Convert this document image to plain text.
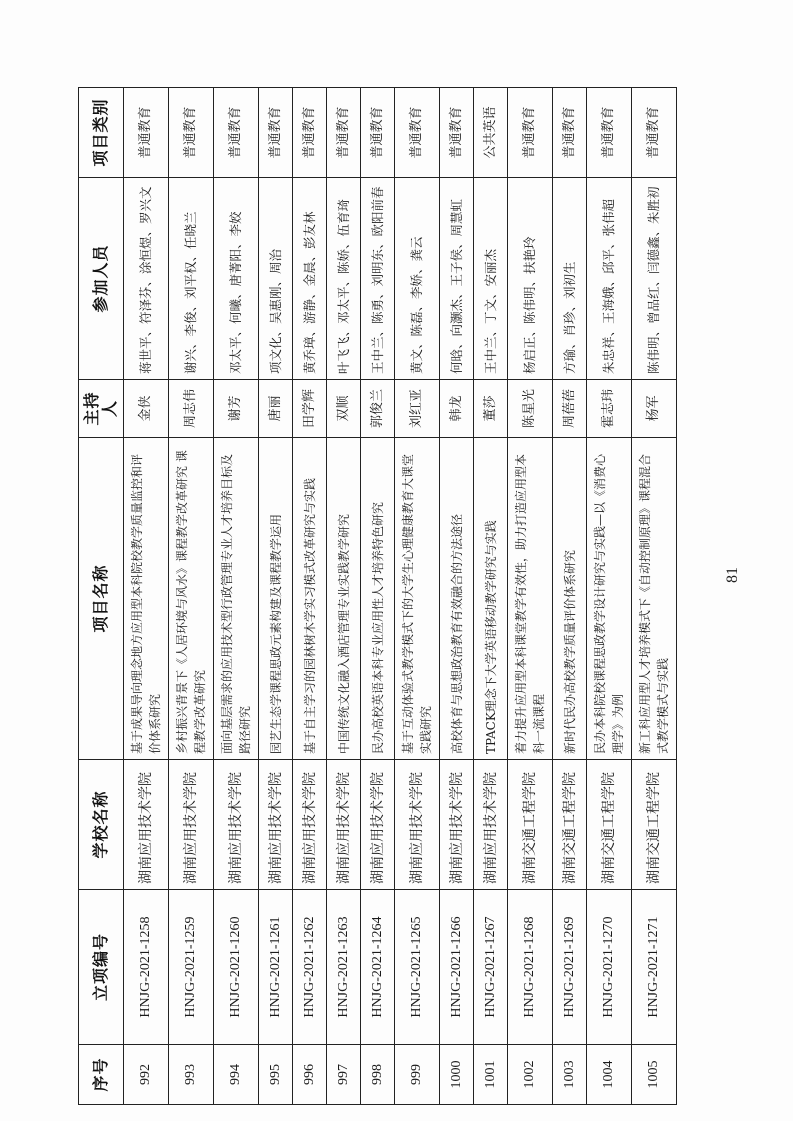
序号	立项编号	学校名称	项目名称	主持人	参加人员	项目类别
992	HNJG-2021-1258	湖南应用技术学院	基于成果导向理念地方应用型本科院校教学质量监控和评价体系研究	金侠	蒋世平、符泽芬、涂恒煜、罗兴文	普通教育
993	HNJG-2021-1259	湖南应用技术学院	乡村振兴背景下《人居环境与风水》课程教学改革研究 课程教学改革研究	周志伟	谢兴、李俊、刘平权、任晓兰	普通教育
994	HNJG-2021-1260	湖南应用技术学院	面向基层需求的应用技术型行政管理专业人才培养目标及路径研究	谢芳	邓太平、何曦、唐菁阳、李姣	普通教育
995	HNJG-2021-1261	湖南应用技术学院	园艺生态学课程思政元素构建及课程教学运用	唐丽	项文化、吴惠刚、周治	普通教育
996	HNJG-2021-1262	湖南应用技术学院	基于自主学习的园林树木学实习模式改革研究与实践	田学辉	黄乔璋、游静、金晨、彭友林	普通教育
997	HNJG-2021-1263	湖南应用技术学院	中国传统文化融入酒店管理专业实践教学研究	双顺	叶飞飞、邓太平、陈娇、伍育琦	普通教育
998	HNJG-2021-1264	湖南应用技术学院	民办高校英语本科专业应用性人才培养特色研究	郭俊兰	王中兰、陈勇、刘明东、欧阳前春	普通教育
999	HNJG-2021-1265	湖南应用技术学院	基于互动体验式教学模式下的大学生心理健康教育大课堂实践研究	刘红亚	黄文、陈磊、李娇、龚云	普通教育
1000	HNJG-2021-1266	湖南应用技术学院	高校体育与思想政治教育有效融合的方法途径	韩龙	何晗、向灏杰、王子侯、周慧虹	普通教育
1001	HNJG-2021-1267	湖南应用技术学院	TPACK理念下大学英语移动教学研究与实践	董莎	王中兰、丁文、安丽杰	公共英语
1002	HNJG-2021-1268	湖南交通工程学院	着力提升应用型本科课堂教学有效性，助力打造应用型本科一流课程	陈星光	杨启正、陈伟明、扶艳玲	普通教育
1003	HNJG-2021-1269	湖南交通工程学院	新时代民办高校教学质量评价体系研究	周蓓蓓	方瑜、肖珍、刘初生	普通教育
1004	HNJG-2021-1270	湖南交通工程学院	民办本科院校课程思政教学设计研究与实践—以《消费心理学》为例	霍志玮	朱忠祥、王海娥、邱平、张伟超	普通教育
1005	HNJG-2021-1271	湖南交通工程学院	新工科应用型人才培养模式下《自动控制原理》课程混合式教学模式与实践	杨军	陈伟明、曾品红、闫德鑫、朱胜初	普通教育
81
